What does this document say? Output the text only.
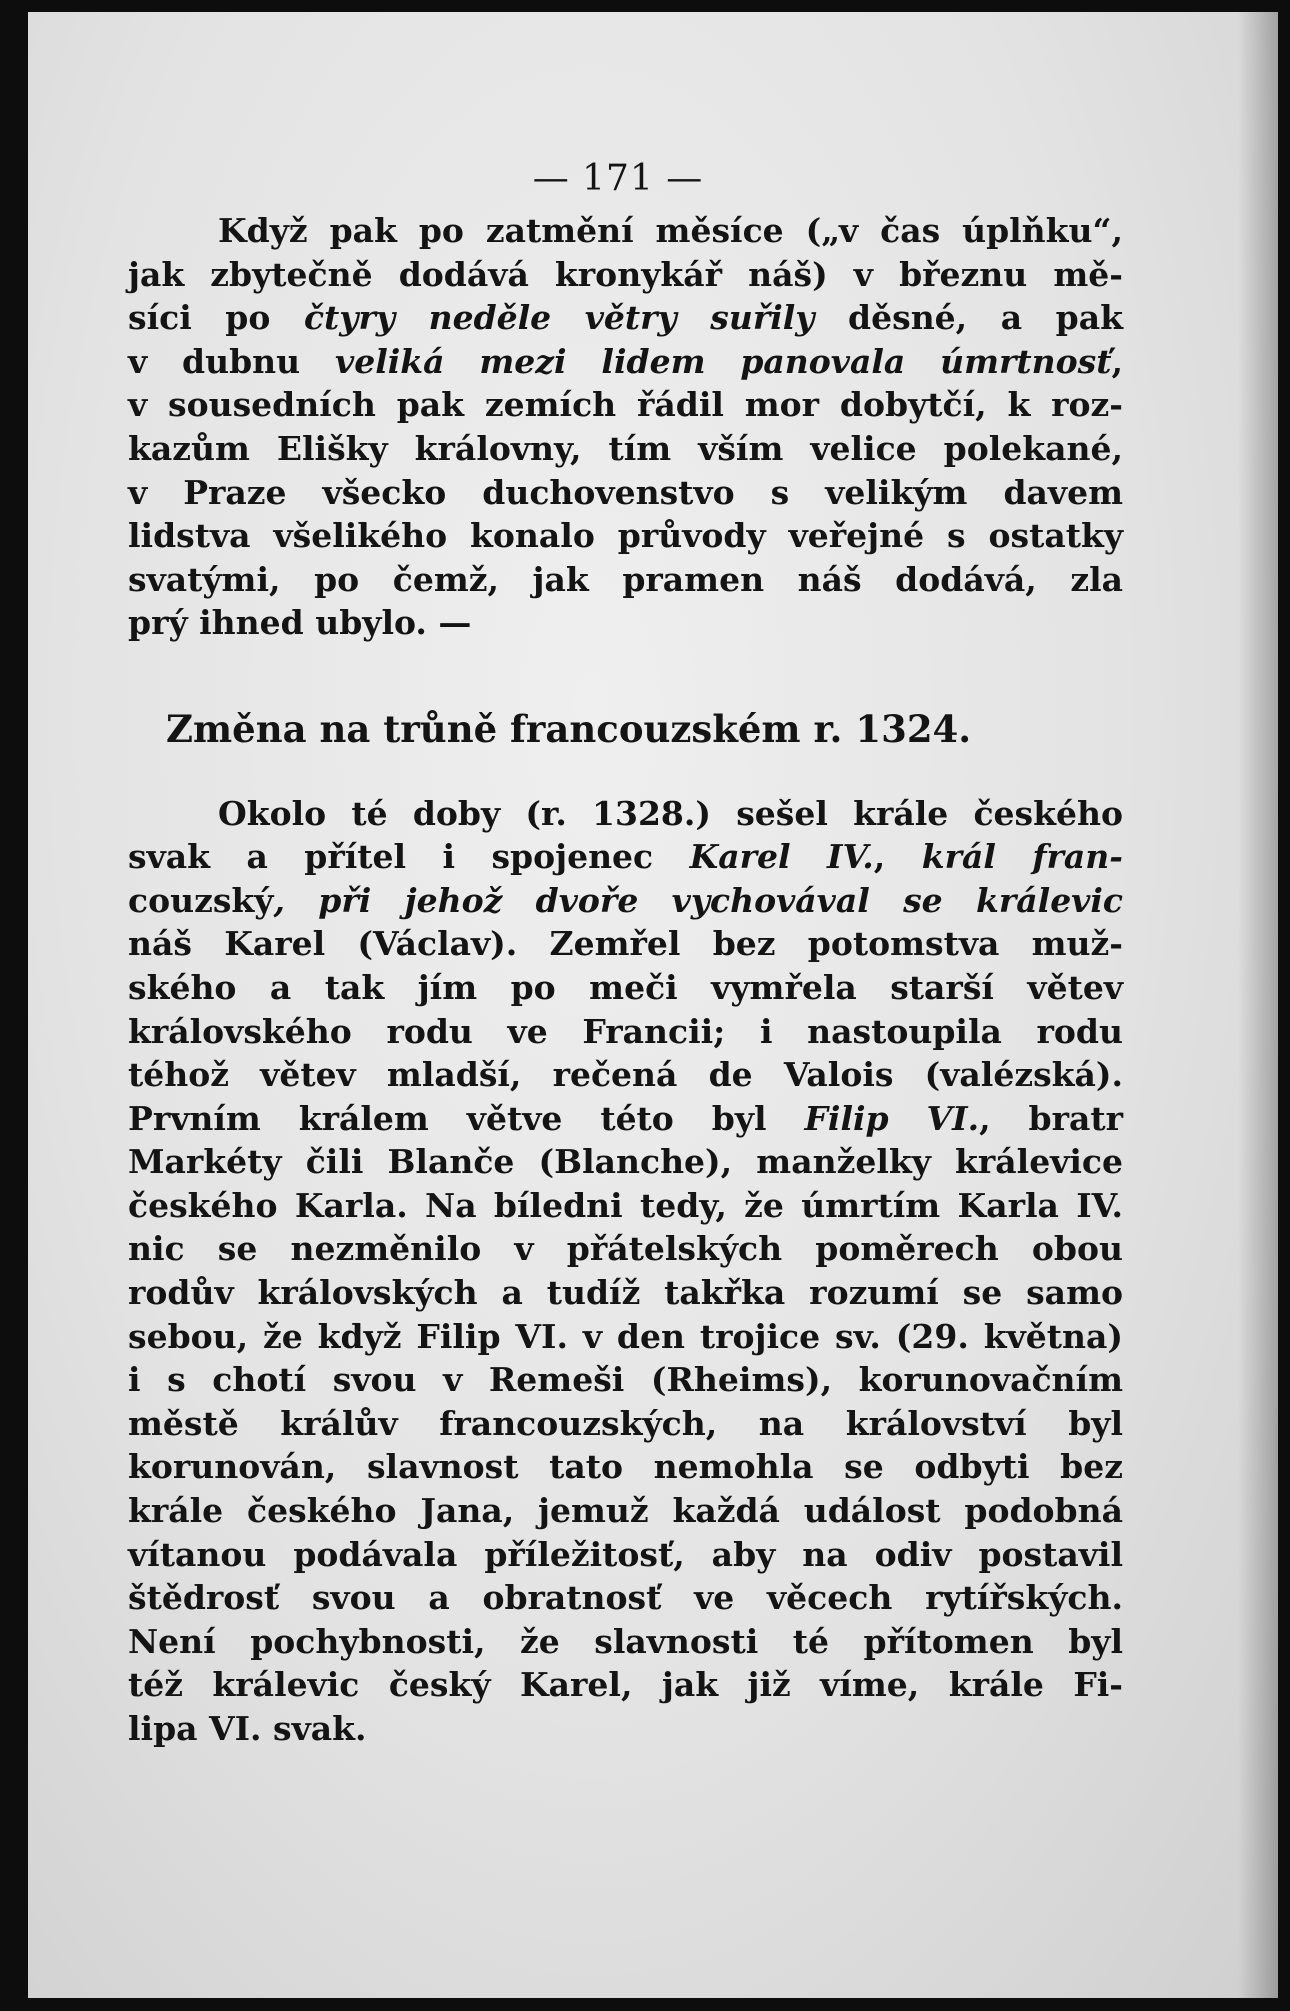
— 171 —
Když pak po zatmění měsíce („v čas úplňku“,
jak zbytečně dodává kronykář náš) v březnu mě-
síci po čtyry neděle větry suřily děsné, a pak
v dubnu veliká mezi lidem panovala úmrtnosť,
v sousedních pak zemích řádil mor dobytčí, k roz-
kazům Elišky královny, tím vším velice polekané,
v Praze všecko duchovenstvo s velikým davem
lidstva všelikého konalo průvody veřejné s ostatky
svatými, po čemž, jak pramen náš dodává, zla
prý ihned ubylo. —
Změna na trůně francouzském r. 1324.
Okolo té doby (r. 1328.) sešel krále českého
svak a přítel i spojenec Karel IV., král fran-
couzský, při jehož dvoře vychovával se králevic
náš Karel (Václav). Zemřel bez potomstva muž-
ského a tak jím po meči vymřela starší větev
královského rodu ve Francii; i nastoupila rodu
téhož větev mladší, rečená de Valois (valézská).
Prvním králem větve této byl Filip VI., bratr
Markéty čili Blanče (Blanche), manželky králevice
českého Karla. Na bíledni tedy, že úmrtím Karla IV.
nic se nezměnilo v přátelských poměrech obou
rodův královských a tudíž takřka rozumí se samo
sebou, že když Filip VI. v den trojice sv. (29. května)
i s chotí svou v Remeši (Rheims), korunovačním
městě králův francouzských, na království byl
korunován, slavnost tato nemohla se odbyti bez
krále českého Jana, jemuž každá událost podobná
vítanou podávala příležitosť, aby na odiv postavil
štědrosť svou a obratnosť ve věcech rytířských.
Není pochybnosti, že slavnosti té přítomen byl
též králevic český Karel, jak již víme, krále Fi-
lipa VI. svak.
